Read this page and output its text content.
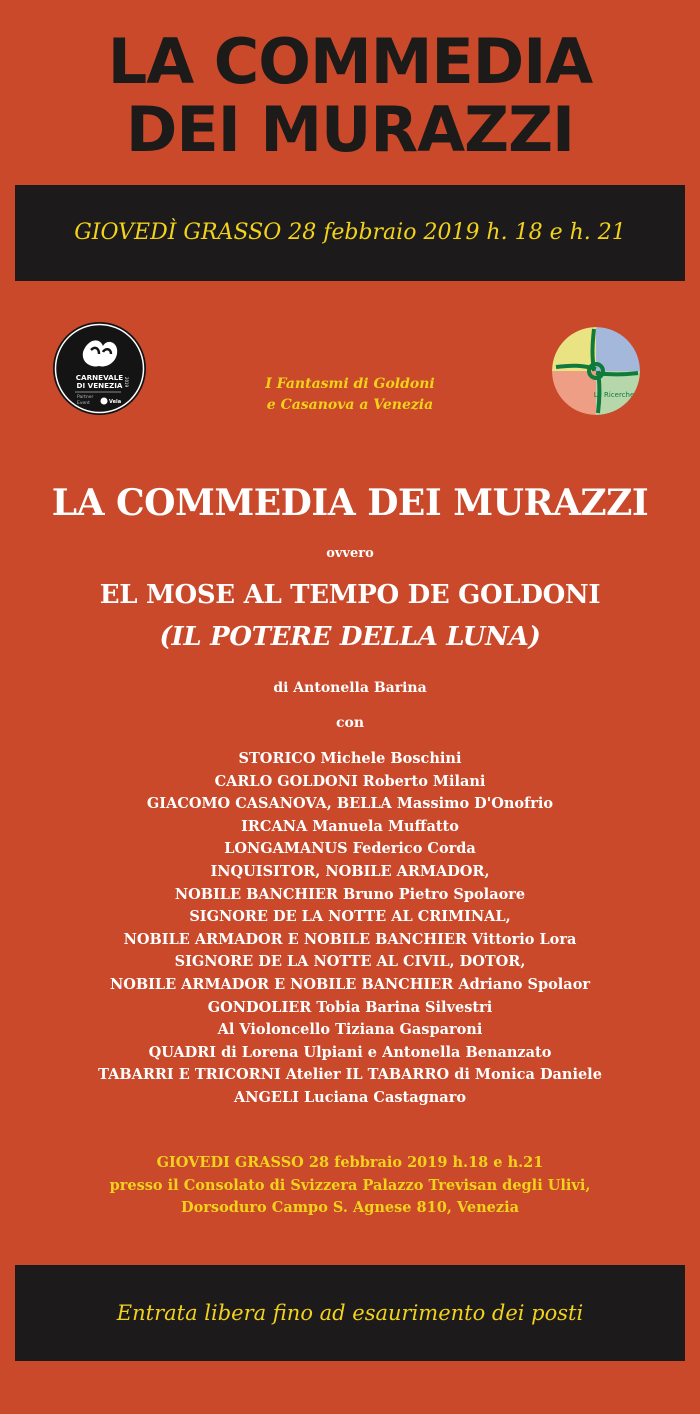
LA COMMEDIA
DEI MURAZZI
GIOVEDÌ GRASSO 28 febbraio 2019 h. 18 e h. 21
CARNEVALE
DI VENEZIA 2019
Partner
Event	Vela
Le Ricerche
I Fantasmi di Goldoni
e Casanova a Venezia
LA COMMEDIA DEI MURAZZI
ovvero
EL MOSE AL TEMPO DE GOLDONI
(IL POTERE DELLA LUNA)
di Antonella Barina
con
STORICO Michele Boschini
CARLO GOLDONI Roberto Milani
GIACOMO CASANOVA, BELLA Massimo D'Onofrio
IRCANA Manuela Muffatto
LONGAMANUS Federico Corda
INQUISITOR, NOBILE ARMADOR,
NOBILE BANCHIER Bruno Pietro Spolaore
SIGNORE DE LA NOTTE AL CRIMINAL,
NOBILE ARMADOR E NOBILE BANCHIER Vittorio Lora
SIGNORE DE LA NOTTE AL CIVIL, DOTOR,
NOBILE ARMADOR E NOBILE BANCHIER Adriano Spolaor
GONDOLIER Tobia Barina Silvestri
Al Violoncello Tiziana Gasparoni
QUADRI di Lorena Ulpiani e Antonella Benanzato
TABARRI E TRICORNI Atelier IL TABARRO di Monica Daniele
ANGELI Luciana Castagnaro
GIOVEDI GRASSO 28 febbraio 2019 h.18 e h.21
presso il Consolato di Svizzera Palazzo Trevisan degli Ulivi,
Dorsoduro Campo S. Agnese 810, Venezia
Entrata libera fino ad esaurimento dei posti
